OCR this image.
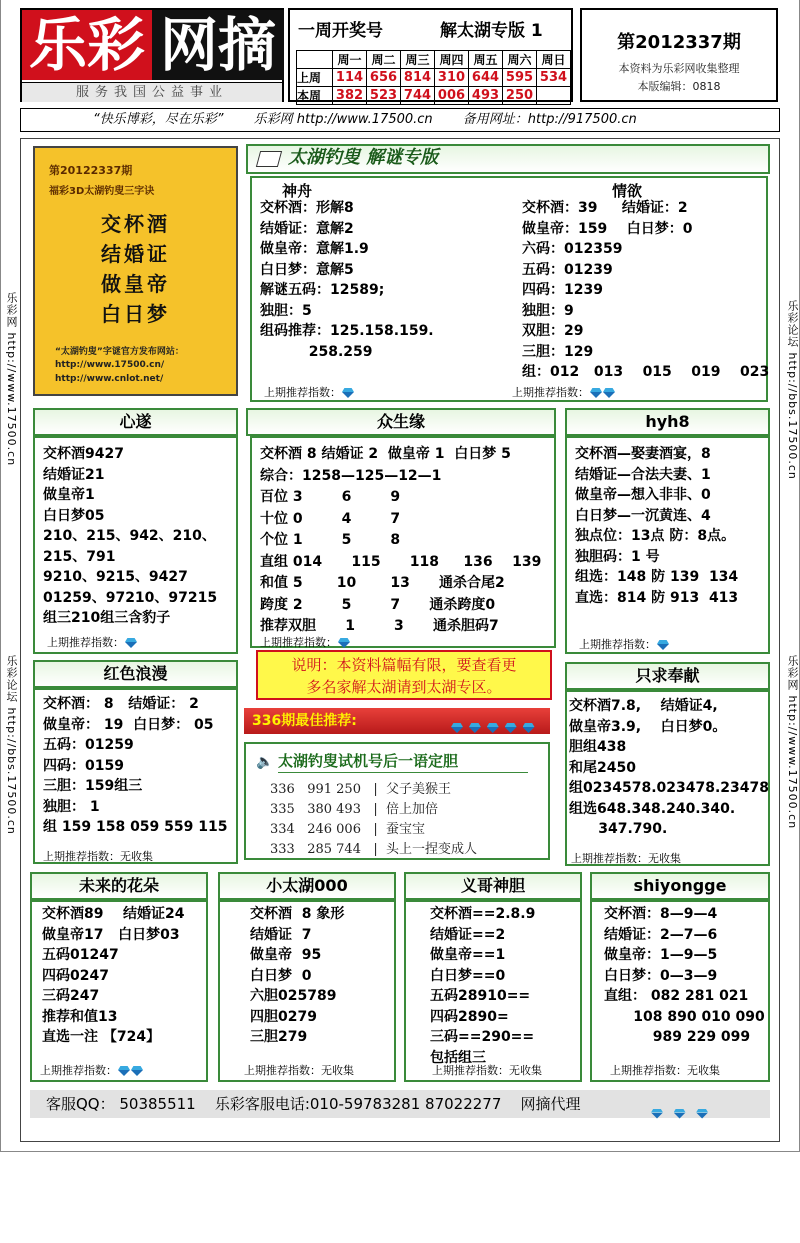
乐彩 网摘
服务我国公益事业
一周开奖号	解太湖专版 1
	周一	周二	周三	周四	周五	周六	周日
上周	114	656	814	310	644	595	534
本周	382	523	744	006	493	250	
第2012337期
本资料为乐彩网收集整理
本版编辑：0818
“快乐博彩，尽在乐彩” 乐彩网 http://www.17500.cn 备用网址：http://917500.cn
乐彩网 http://www.17500.cn
乐彩论坛 http://bbs.17500.cn
乐彩论坛 http://bbs.17500.cn
乐彩网 http://www.17500.cn
第20122337期
福彩3D太湖钓叟三字诀
交杯酒
结婚证
做皇帝
白日梦
“太湖钓叟”字谜官方发布网站：
http://www.17500.cn/
http://www.cnlot.net/
太湖钓叟 解谜专版
神舟
交杯酒：形解8
结婚证：意解2
做皇帝：意解1.9
白日梦：意解5
解谜五码：12589;
独胆：5
组码推荐：125.158.159.
258.259
情欲
交杯酒：39     结婚证：2
做皇帝：159    白日梦：0
六码：012359
五码：01239
四码：1239
独胆：9
双胆：29
三胆：129
组：012   013    015    019    023
上期推荐指数：	上期推荐指数：
心遂
交杯酒9427
结婚证21
做皇帝1
白日梦05
210、215、942、210、
215、791
9210、9215、9427
01259、97210、97215
组三210组三含豹子
上期推荐指数：
众生缘
交杯酒 8 结婚证 2  做皇帝 1  白日梦 5
综合：1258—125—12—1
百位 3        6        9
十位 0        4        7
个位 1        5        8
直组 014      115      118     136    139
和值 5       10       13      通杀合尾2
跨度 2        5        7      通杀跨度0
推荐双胆      1        3      通杀胆码7
上期推荐指数：
说明：本资料篇幅有限，要查看更
多名家解太湖请到太湖专区。
hyh8
交杯酒—娶妻酒宴，8
结婚证—合法夫妻、1
做皇帝—想入非非、0
白日梦—一沉黄连、4
独点位：13点 防：8点。
独胆码：1 号
组选：148 防 139  134
直选：814 防 913  413
上期推荐指数：
红色浪漫
交杯酒： 8   结婚证： 2
做皇帝： 19  白日梦： 05
五码：01259
四码：0159
三胆：159组三
独胆： 1
组 159 158 059 559 115
上期推荐指数：无收集
336期最佳推荐:

🔈 太湖钓叟试机号后一语定胆
336   991 250   |  父子美猴王
335   380 493   |  倍上加倍
334   246 006   |  蚕宝宝
333   285 744   |  头上一捏变成人
只求奉献
交杯酒7.8,    结婚证4,
做皇帝3.9,    白日梦0。
胆组438
和尾2450
组0234578.023478.23478
组选648.348.240.340.
347.790.
上期推荐指数：无收集
未来的花朵
交杯酒89    结婚证24
做皇帝17   白日梦03
五码01247
四码0247
三码247
推荐和值13
直选一注 【724】
上期推荐指数：
小太湖000
交杯酒  8 象形
结婚证  7
做皇帝  95
白日梦  0
六胆025789
四胆0279
三胆279
上期推荐指数：无收集
义哥神胆
交杯酒==2.8.9
结婚证==2
做皇帝==1
白日梦==0
五码28910==
四码2890=
三码==290==
包括组三
上期推荐指数：无收集
shiyongge
交杯酒：8—9—4
结婚证：2—7—6
做皇帝：1—9—5
白日梦：0—3—9
直组： 082 281 021
108 890 010 090
989 229 099
上期推荐指数：无收集
客服QQ： 50385511 乐彩客服电话:010-59783281 87022277 网摘代理
